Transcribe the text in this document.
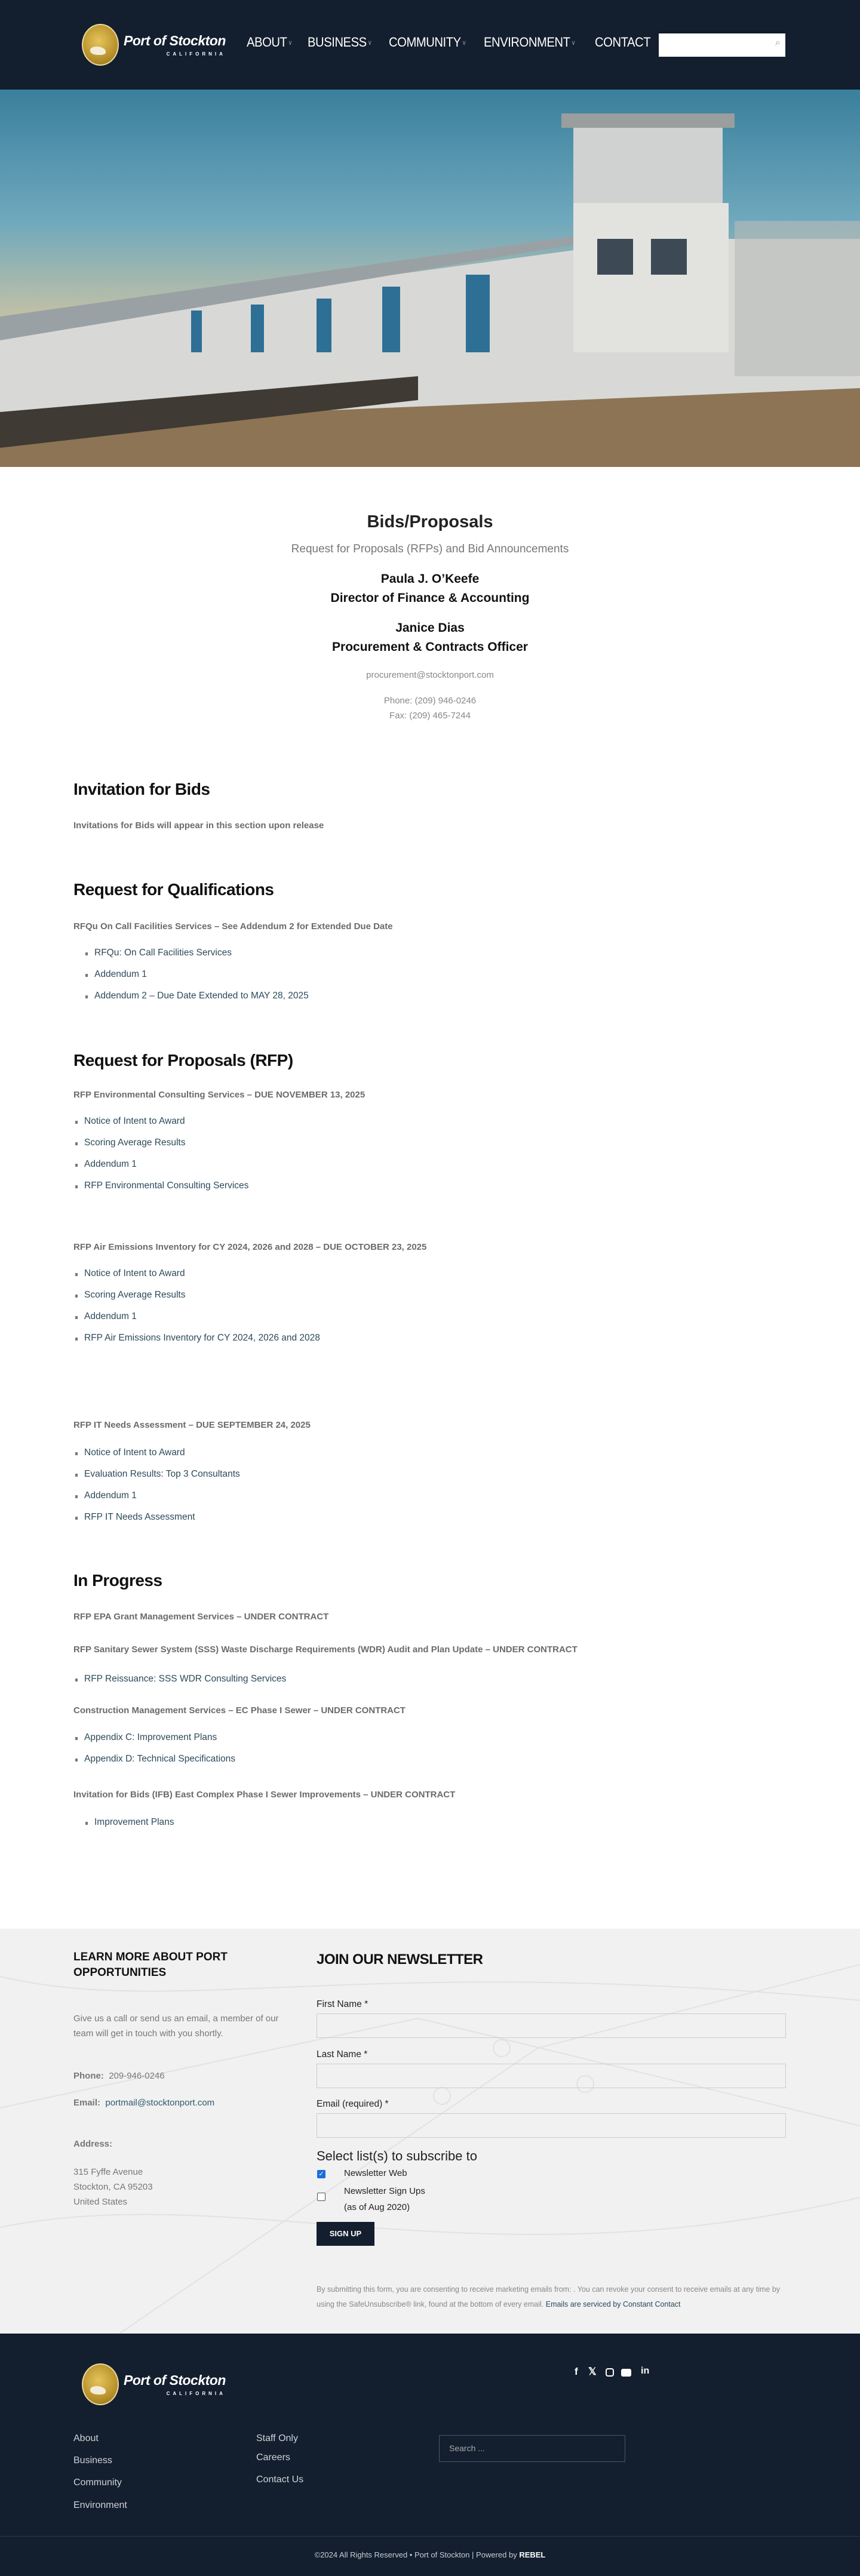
Port of Stockton
CALIFORNIA
ABOUT ∨ BUSINESS ∨ COMMUNITY ∨ ENVIRONMENT ∨ CONTACT	⌕
Bids/Proposals
Request for Proposals (RFPs) and Bid Announcements
Paula J. O’Keefe
Director of Finance & Accounting
Janice Dias
Procurement & Contracts Officer
procurement@stocktonport.com
Phone: (209) 946-0246
Fax: (209) 465-7244
Invitation for Bids
Invitations for Bids will appear in this section upon release
Request for Qualifications
RFQu On Call Facilities Services – See Addendum 2 for Extended Due Date
RFQu: On Call Facilities Services
Addendum 1
Addendum 2 – Due Date Extended to MAY 28, 2025
Request for Proposals (RFP)
RFP Environmental Consulting Services – DUE NOVEMBER 13, 2025
Notice of Intent to Award
Scoring Average Results
Addendum 1
RFP Environmental Consulting Services
RFP Air Emissions Inventory for CY 2024, 2026 and 2028 – DUE OCTOBER 23, 2025
Notice of Intent to Award
Scoring Average Results
Addendum 1
RFP Air Emissions Inventory for CY 2024, 2026 and 2028
RFP IT Needs Assessment – DUE SEPTEMBER 24, 2025
Notice of Intent to Award
Evaluation Results: Top 3 Consultants
Addendum 1
RFP IT Needs Assessment
In Progress
RFP EPA Grant Management Services – UNDER CONTRACT
RFP Sanitary Sewer System (SSS) Waste Discharge Requirements (WDR) Audit and Plan Update – UNDER CONTRACT
RFP Reissuance: SSS WDR Consulting Services
Construction Management Services – EC Phase I Sewer – UNDER CONTRACT
Appendix C: Improvement Plans
Appendix D: Technical Specifications
Invitation for Bids (IFB) East Complex Phase I Sewer Improvements – UNDER CONTRACT
Improvement Plans
LEARN MORE ABOUT PORT OPPORTUNITIES
Give us a call or send us an email, a member of our team will get in touch with you shortly.
Phone: 209-946-0246
Email: portmail@stocktonport.com
Address:
315 Fyffe Avenue
Stockton, CA 95203
United States
JOIN OUR NEWSLETTER
First Name *
Last Name *
Email (required) *
Select list(s) to subscribe to
✓ Newsletter Web
Newsletter Sign Ups
(as of Aug 2020)
SIGN UP
By submitting this form, you are consenting to receive marketing emails from: . You can revoke your consent to receive emails at any time by using the SafeUnsubscribe® link, found at the bottom of every email. Emails are serviced by Constant Contact
Port of Stockton
CALIFORNIA
f 𝕏	in
About
Business
Community
Environment
Staff Only
Careers
Contact Us
Search ...
©2024 All Rights Reserved • Port of Stockton | Powered by REBEL
